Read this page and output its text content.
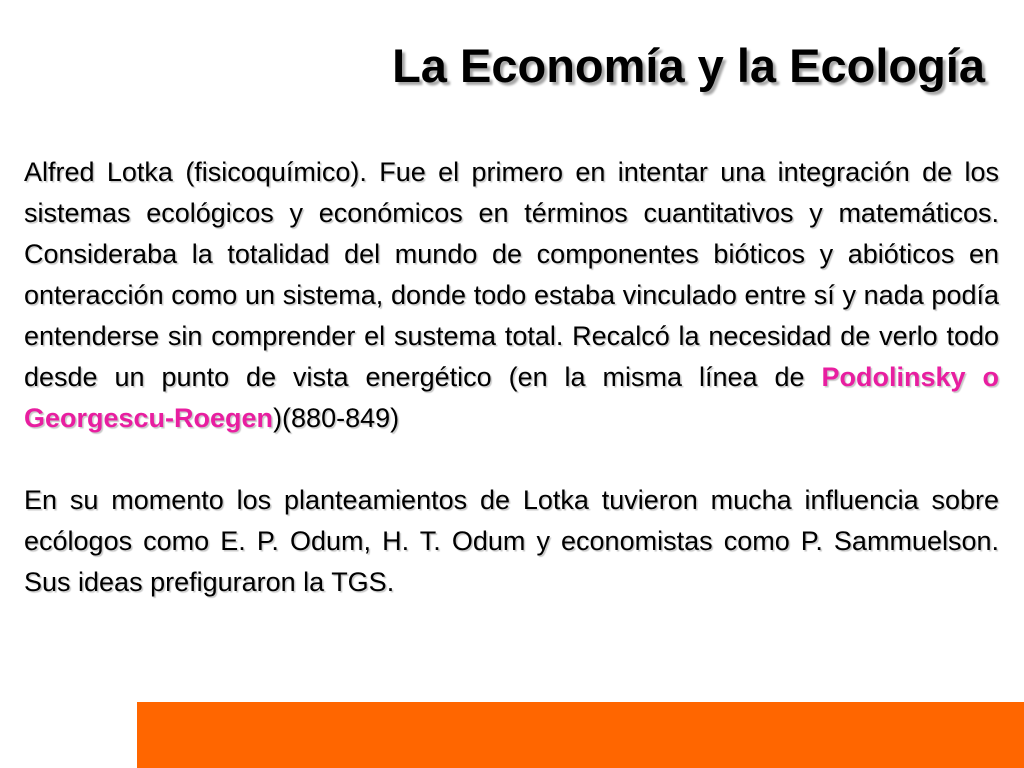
La Economía y la Ecología

Alfred Lotka (fisicoquímico). Fue el primero en intentar una integración de los sistemas ecológicos y económicos en términos cuantitativos y matemáticos. Consideraba la totalidad del mundo de componentes bióticos y abióticos en onteracción como un sistema, donde todo estaba vinculado entre sí y nada podía entenderse sin comprender el sustema total. Recalcó la necesidad de verlo todo desde un punto de vista energético (en la misma línea de Podolinsky o Georgescu-Roegen)(880-849)

En su momento los planteamientos de Lotka tuvieron mucha influencia sobre ecólogos como E. P. Odum, H. T. Odum y economistas como P. Sammuelson. Sus ideas prefiguraron la TGS.
